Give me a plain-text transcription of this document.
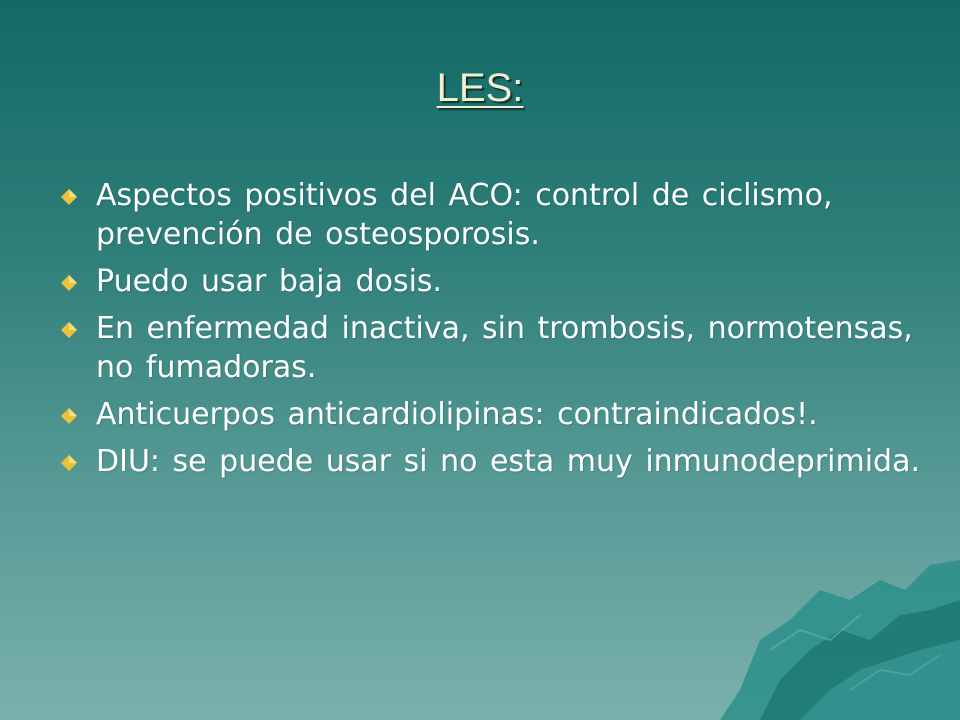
LES:
Aspectos positivos del ACO: control de ciclismo, prevención de osteosporosis.
Puedo usar baja dosis.
En enfermedad inactiva, sin trombosis, normotensas, no fumadoras.
Anticuerpos anticardiolipinas: contraindicados!.
DIU: se puede usar si no esta muy inmunodeprimida.
